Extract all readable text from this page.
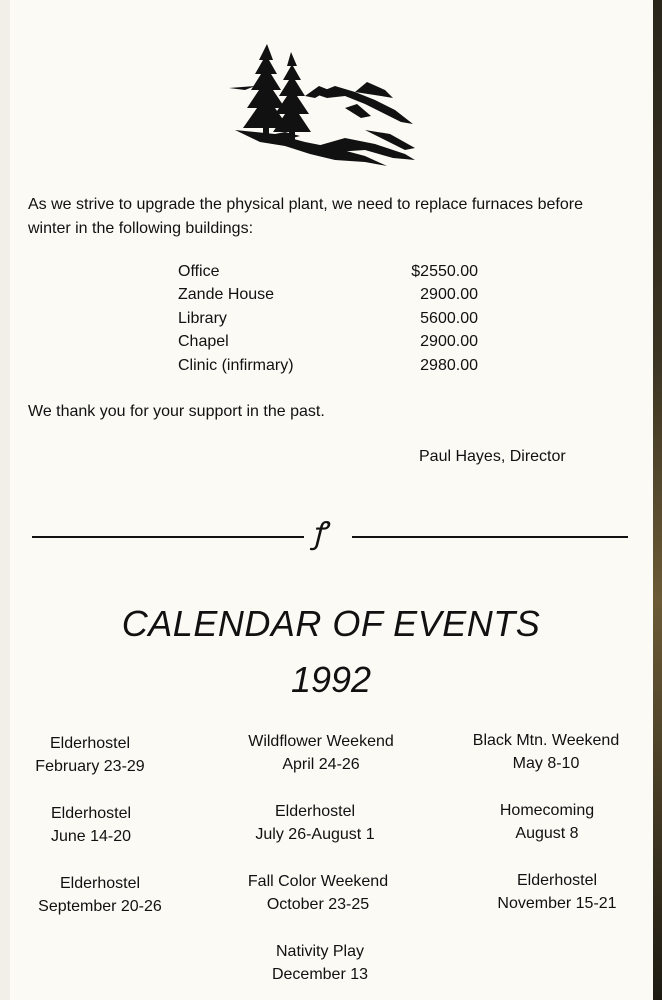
As we strive to upgrade the physical plant, we need to replace furnaces before
winter in the following buildings:

Office	$2550.00
Zande House	2900.00
Library	5600.00
Chapel	2900.00
Clinic (infirmary)	2980.00
We thank you for your support in the past.
Paul Hayes, Director
ꝭ
CALENDAR OF EVENTS
1992
Elderhostel
February 23-29
Wildflower Weekend
April 24-26
Black Mtn. Weekend
May 8-10
Elderhostel
June 14-20
Elderhostel
July 26-August 1
Homecoming
August 8
Elderhostel
September 20-26
Fall Color Weekend
October 23-25
Elderhostel
November 15-21
Nativity Play
December 13
